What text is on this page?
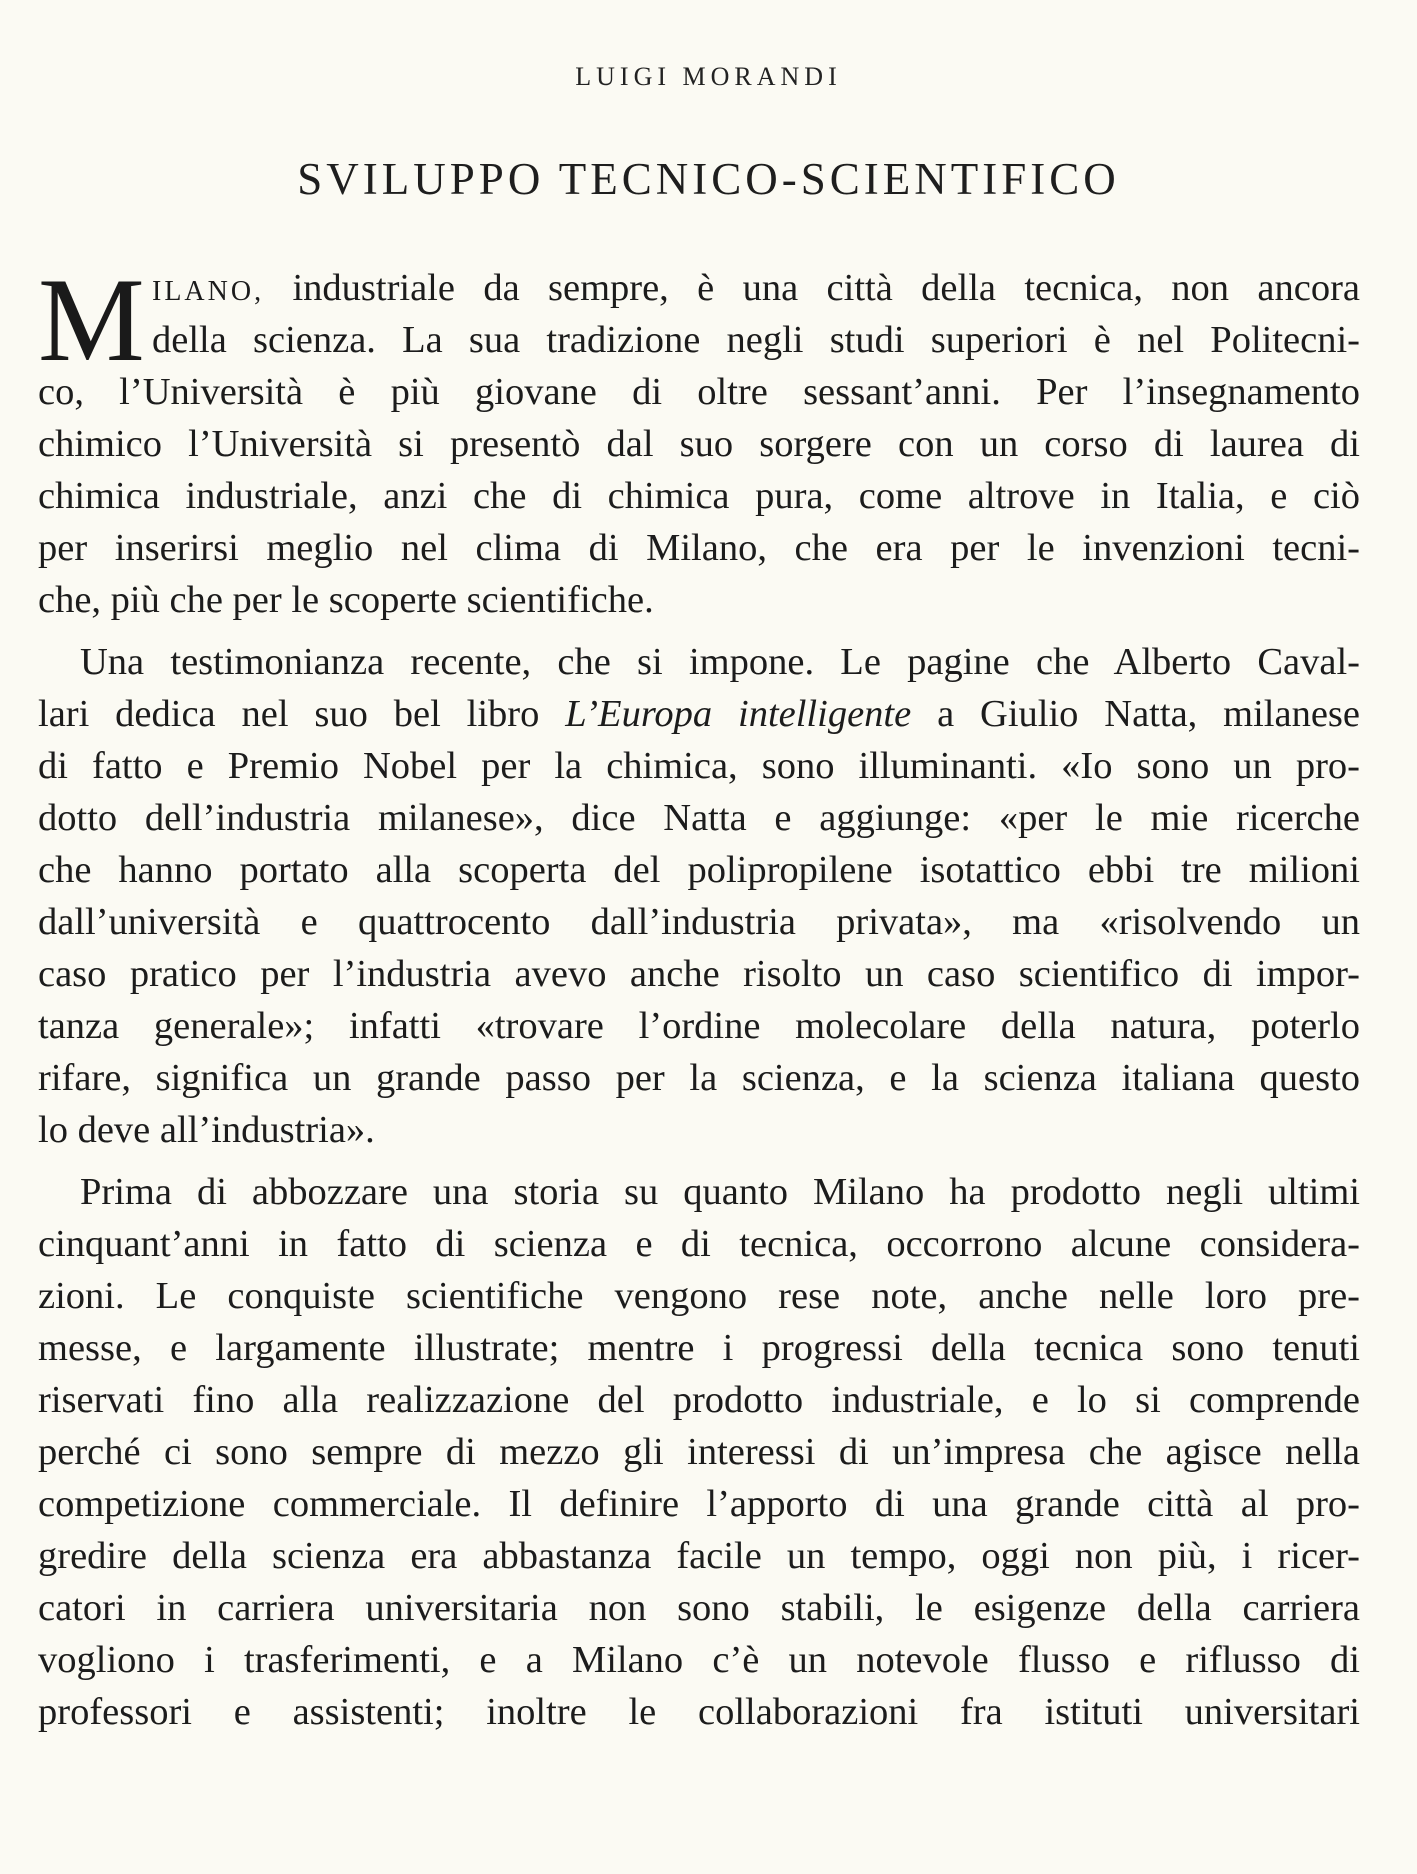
LUIGI MORANDI
SVILUPPO TECNICO-SCIENTIFICO
M ILANO, industriale da sempre, è una città della tecnica, non ancora
della scienza. La sua tradizione negli studi superiori è nel Politecni-
co, l’Università è più giovane di oltre sessant’anni. Per l’insegnamento
chimico l’Università si presentò dal suo sorgere con un corso di laurea di
chimica industriale, anzi che di chimica pura, come altrove in Italia, e ciò
per inserirsi meglio nel clima di Milano, che era per le invenzioni tecni-
che, più che per le scoperte scientifiche.
Una testimonianza recente, che si impone. Le pagine che Alberto Caval-
lari dedica nel suo bel libro L’Europa intelligente a Giulio Natta, milanese
di fatto e Premio Nobel per la chimica, sono illuminanti. «Io sono un pro-
dotto dell’industria milanese», dice Natta e aggiunge: «per le mie ricerche
che hanno portato alla scoperta del polipropilene isotattico ebbi tre milioni
dall’università e quattrocento dall’industria privata», ma «risolvendo un
caso pratico per l’industria avevo anche risolto un caso scientifico di impor-
tanza generale»; infatti «trovare l’ordine molecolare della natura, poterlo
rifare, significa un grande passo per la scienza, e la scienza italiana questo
lo deve all’industria».
Prima di abbozzare una storia su quanto Milano ha prodotto negli ultimi
cinquant’anni in fatto di scienza e di tecnica, occorrono alcune considera-
zioni. Le conquiste scientifiche vengono rese note, anche nelle loro pre-
messe, e largamente illustrate; mentre i progressi della tecnica sono tenuti
riservati fino alla realizzazione del prodotto industriale, e lo si comprende
perché ci sono sempre di mezzo gli interessi di un’impresa che agisce nella
competizione commerciale. Il definire l’apporto di una grande città al pro-
gredire della scienza era abbastanza facile un tempo, oggi non più, i ricer-
catori in carriera universitaria non sono stabili, le esigenze della carriera
vogliono i trasferimenti, e a Milano c’è un notevole flusso e riflusso di
professori e assistenti; inoltre le collaborazioni fra istituti universitari
